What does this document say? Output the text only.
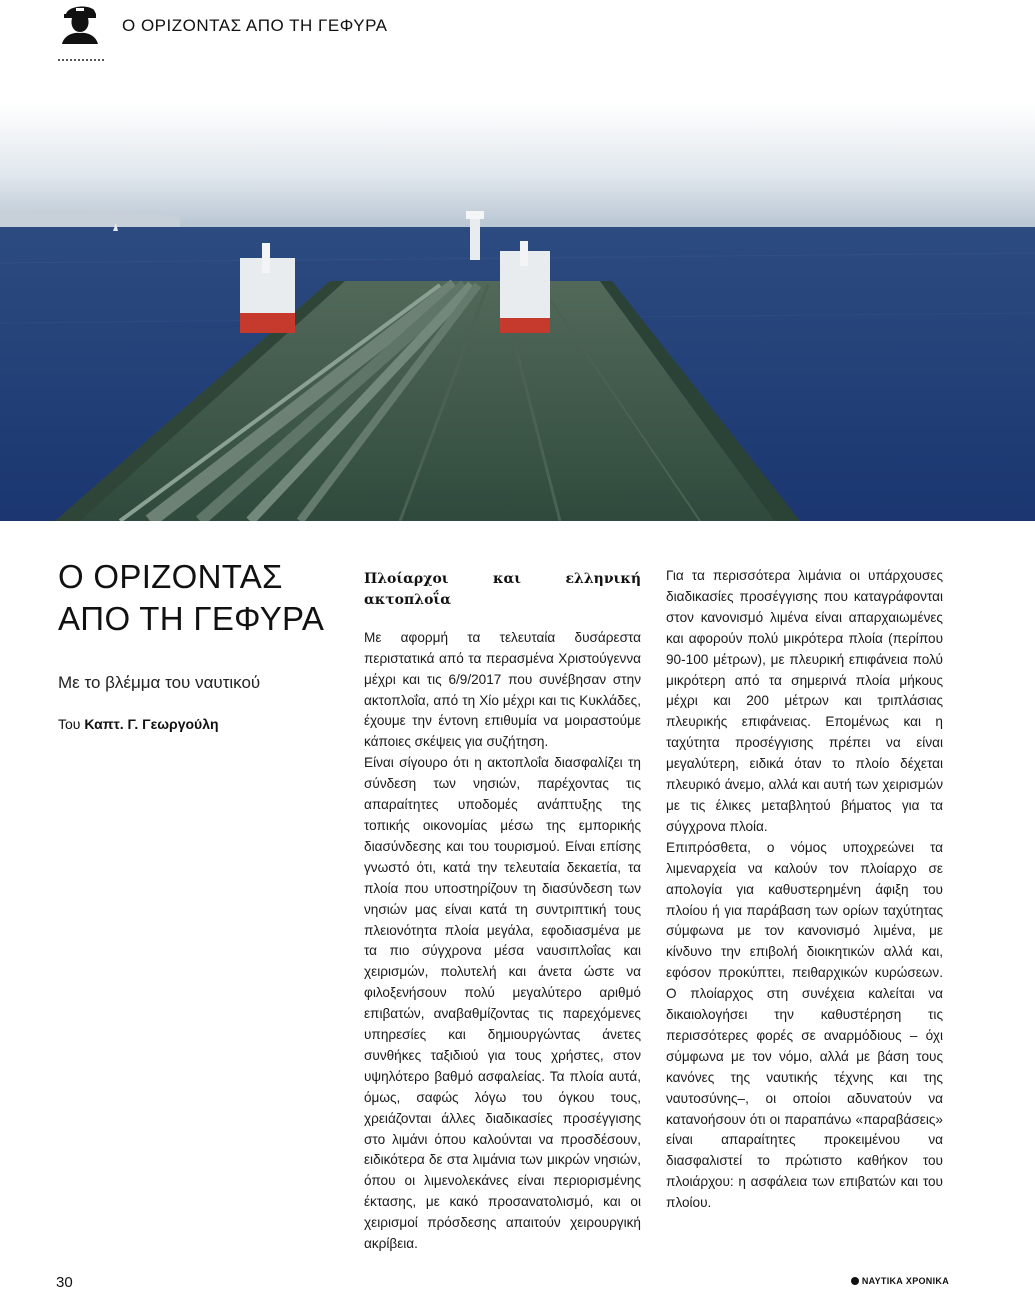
Ο ΟΡΙΖΟΝΤΑΣ ΑΠΟ ΤΗ ΓΕΦΥΡΑ
Ο ΟΡΙΖΟΝΤΑΣ
ΑΠΟ ΤΗ ΓΕΦΥΡΑ
Με το βλέμμα του ναυτικού
Του Καπτ. Γ. Γεωργούλη
Πλοίαρχοι και ελληνική ακτοπλοΐα

Με αφορμή τα τελευταία δυσάρεστα περιστατικά από τα περασμένα Χριστούγεννα μέχρι και τις 6/9/2017 που συνέβησαν στην ακτοπλοΐα, από τη Χίο μέχρι και τις Κυκλάδες, έχουμε την έντονη επιθυμία να μοιραστούμε κάποιες σκέψεις για συζήτηση.

Είναι σίγουρο ότι η ακτοπλοΐα διασφαλίζει τη σύνδεση των νησιών, παρέχοντας τις απαραίτητες υποδομές ανάπτυξης της τοπικής οικονομίας μέσω της εμπορικής διασύνδεσης και του τουρισμού. Είναι επίσης γνωστό ότι, κατά την τελευταία δεκαετία, τα πλοία που υποστηρίζουν τη διασύνδεση των νησιών μας είναι κατά τη συντριπτική τους πλειονότητα πλοία μεγάλα, εφοδιασμένα με τα πιο σύγχρονα μέσα ναυσιπλοΐας και χειρισμών, πολυτελή και άνετα ώστε να φιλοξενήσουν πολύ μεγαλύτερο αριθμό επιβατών, αναβαθμίζοντας τις παρεχόμενες υπηρεσίες και δημιουργώντας άνετες συνθήκες ταξιδιού για τους χρήστες, στον υψηλότερο βαθμό ασφαλείας. Τα πλοία αυτά, όμως, σαφώς λόγω του όγκου τους, χρειάζονται άλλες διαδικασίες προσέγγισης στο λιμάνι όπου καλούνται να προσδέσουν, ειδικότερα δε στα λιμάνια των μικρών νησιών, όπου οι λιμενολεκάνες είναι περιορισμένης έκτασης, με κακό προσανατολισμό, και οι χειρισμοί πρόσδεσης απαιτούν χειρουργική ακρίβεια.

Για τα περισσότερα λιμάνια οι υπάρχουσες διαδικασίες προσέγγισης που καταγράφονται στον κανονισμό λιμένα είναι απαρχαιωμένες και αφορούν πολύ μικρότερα πλοία (περίπου 90-100 μέτρων), με πλευρική επιφάνεια πολύ μικρότερη από τα σημερινά πλοία μήκους μέχρι και 200 μέτρων και τριπλάσιας πλευρικής επιφάνειας. Επομένως και η ταχύτητα προσέγγισης πρέπει να είναι μεγαλύτερη, ειδικά όταν το πλοίο δέχεται πλευρικό άνεμο, αλλά και αυτή των χειρισμών με τις έλικες μεταβλητού βήματος για τα σύγχρονα πλοία.

Επιπρόσθετα, ο νόμος υποχρεώνει τα λιμεναρχεία να καλούν τον πλοίαρχο σε απολογία για καθυστερημένη άφιξη του πλοίου ή για παράβαση των ορίων ταχύτητας σύμφωνα με τον κανονισμό λιμένα, με κίνδυνο την επιβολή διοικητικών αλλά και, εφόσον προκύπτει, πειθαρχικών κυρώσεων. Ο πλοίαρχος στη συνέχεια καλείται να δικαιολογήσει την καθυστέρηση τις περισσότερες φορές σε αναρμόδιους – όχι σύμφωνα με τον νόμο, αλλά με βάση τους κανόνες της ναυτικής τέχνης και της ναυτοσύνης–, οι οποίοι αδυνατούν να κατανοήσουν ότι οι παραπάνω «παραβάσεις» είναι απαραίτητες προκειμένου να διασφαλιστεί το πρώτιστο καθήκον του πλοιάρχου: η ασφάλεια των επιβατών και του πλοίου.

30	ΝΑΥΤΙΚΑ ΧΡΟΝΙΚΑ
